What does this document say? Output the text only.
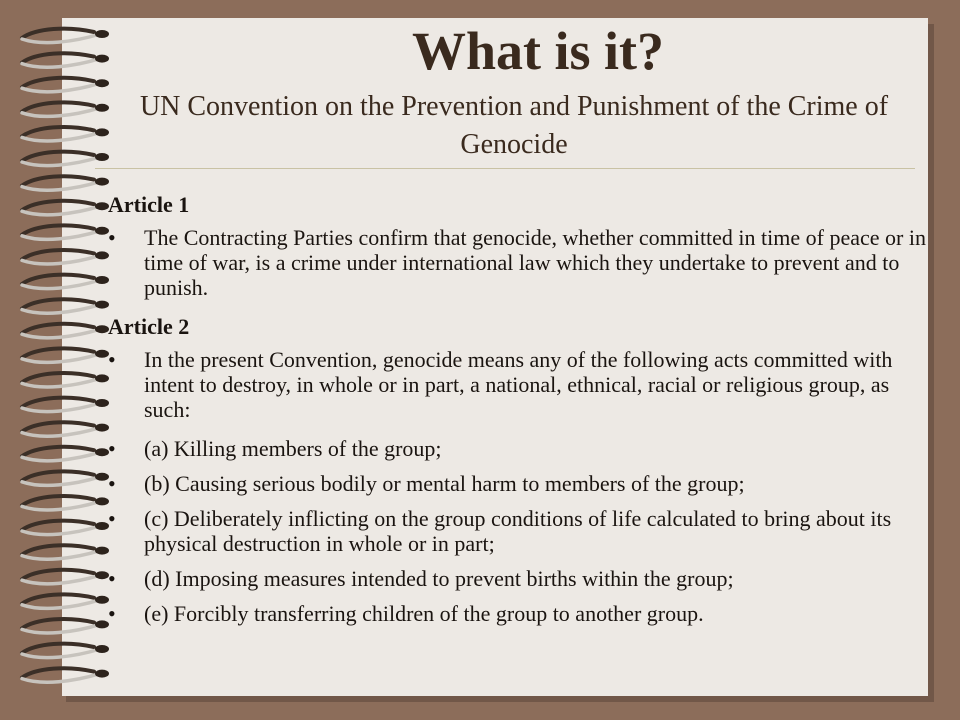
What is it?

UN Convention on the Prevention and Punishment of the Crime of Genocide

Article 1
• The Contracting Parties confirm that genocide, whether committed in time of peace or in time of war, is a crime under international law which they undertake to prevent and to punish.
Article 2
• In the present Convention, genocide means any of the following acts committed with intent to destroy, in whole or in part, a national, ethnical, racial or religious group, as such:
• (a) Killing members of the group;
• (b) Causing serious bodily or mental harm to members of the group;
• (c) Deliberately inflicting on the group conditions of life calculated to bring about its physical destruction in whole or in part;
• (d) Imposing measures intended to prevent births within the group;
• (e) Forcibly transferring children of the group to another group.
